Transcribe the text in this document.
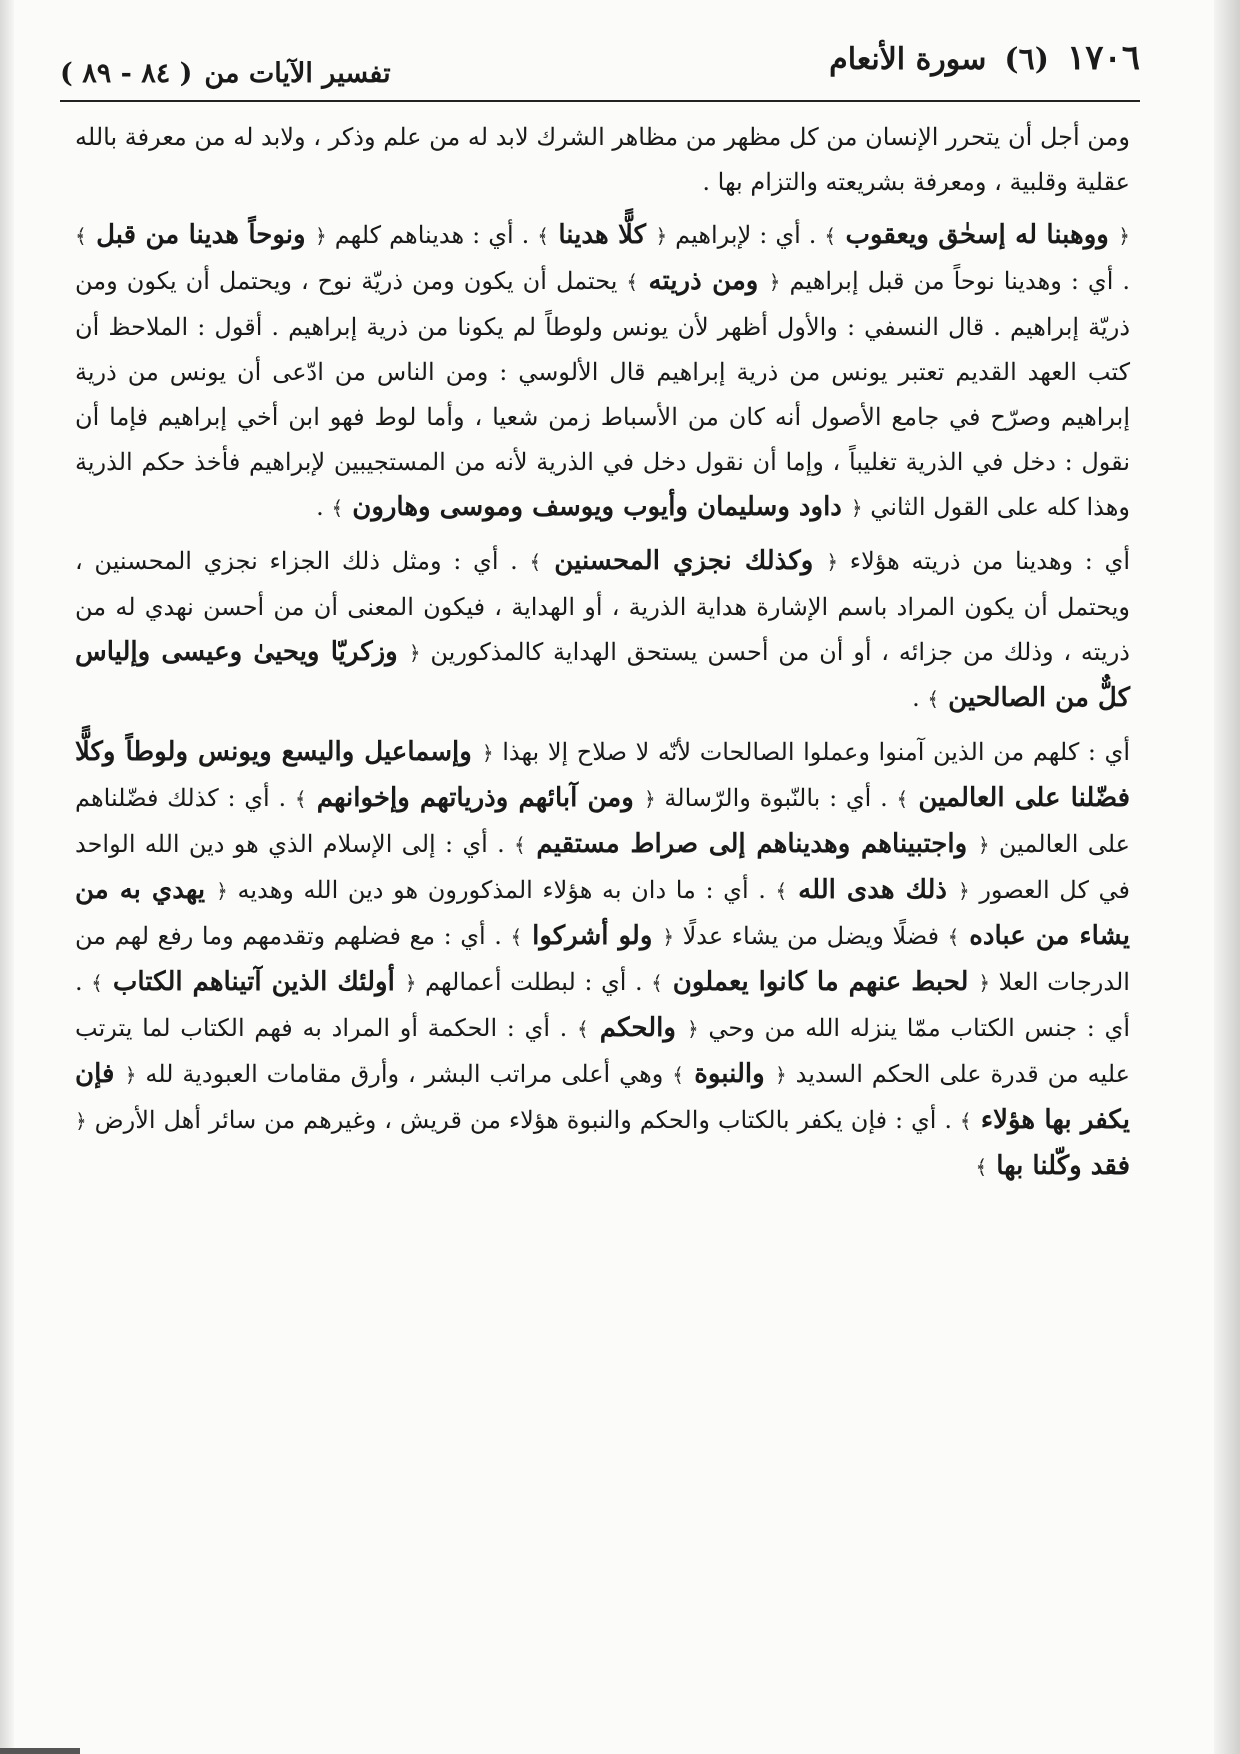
١٧٠٦
(٦)
سورة الأنعام
تفسير الآيات من
( ٨٤ - ٨٩ )
ومن أجل أن يتحرر الإنسان من كل مظهر من مظاهر الشرك لابد له من علم وذكر ، ولابد له من معرفة بالله عقلية وقلبية ، ومعرفة بشريعته والتزام بها .
﴿ ووهبنا له إسحٰق ويعقوب ﴾ . أي : لإبراهيم ﴿ كلًّا هدينا ﴾ . أي : هديناهم كلهم ﴿ ونوحاً هدينا من قبل ﴾ . أي : وهدينا نوحاً من قبل إبراهيم ﴿ ومن ذريته ﴾ يحتمل أن يكون ومن ذريّة نوح ، ويحتمل أن يكون ومن ذريّة إبراهيم . قال النسفي : والأول أظهر لأن يونس ولوطاً لم يكونا من ذرية إبراهيم . أقول : الملاحظ أن كتب العهد القديم تعتبر يونس من ذرية إبراهيم قال الألوسي : ومن الناس من ادّعى أن يونس من ذرية إبراهيم وصرّح في جامع الأصول أنه كان من الأسباط زمن شعيا ، وأما لوط فهو ابن أخي إبراهيم فإما أن نقول : دخل في الذرية تغليباً ، وإما أن نقول دخل في الذرية لأنه من المستجيبين لإبراهيم فأخذ حكم الذرية وهذا كله على القول الثاني ﴿ داود وسليمان وأيوب ويوسف وموسى وهارون ﴾ .
أي : وهدينا من ذريته هؤلاء ﴿ وكذلك نجزي المحسنين ﴾ . أي : ومثل ذلك الجزاء نجزي المحسنين ، ويحتمل أن يكون المراد باسم الإشارة هداية الذرية ، أو الهداية ، فيكون المعنى أن من أحسن نهدي له من ذريته ، وذلك من جزائه ، أو أن من أحسن يستحق الهداية كالمذكورين ﴿ وزكريّا ويحيىٰ وعيسى وإلياس كلٌّ من الصالحين ﴾ .
أي : كلهم من الذين آمنوا وعملوا الصالحات لأنّه لا صلاح إلا بهذا ﴿ وإسماعيل واليسع ويونس ولوطاً وكلًّا فضّلنا على العالمين ﴾ . أي : بالنّبوة والرّسالة ﴿ ومن آبائهم وذرياتهم وإخوانهم ﴾ . أي : كذلك فضّلناهم على العالمين ﴿ واجتبيناهم وهديناهم إلى صراط مستقيم ﴾ . أي : إلى الإسلام الذي هو دين الله الواحد في كل العصور ﴿ ذلك هدى الله ﴾ . أي : ما دان به هؤلاء المذكورون هو دين الله وهديه ﴿ يهدي به من يشاء من عباده ﴾ فضلًا ويضل من يشاء عدلًا ﴿ ولو أشركوا ﴾ . أي : مع فضلهم وتقدمهم وما رفع لهم من الدرجات العلا ﴿ لحبط عنهم ما كانوا يعملون ﴾ . أي : لبطلت أعمالهم ﴿ أولئك الذين آتيناهم الكتاب ﴾ . أي : جنس الكتاب ممّا ينزله الله من وحي ﴿ والحكم ﴾ . أي : الحكمة أو المراد به فهم الكتاب لما يترتب عليه من قدرة على الحكم السديد ﴿ والنبوة ﴾ وهي أعلى مراتب البشر ، وأرق مقامات العبودية لله ﴿ فإن يكفر بها هؤلاء ﴾ . أي : فإن يكفر بالكتاب والحكم والنبوة هؤلاء من قريش ، وغيرهم من سائر أهل الأرض ﴿ فقد وكّلنا بها ﴾
